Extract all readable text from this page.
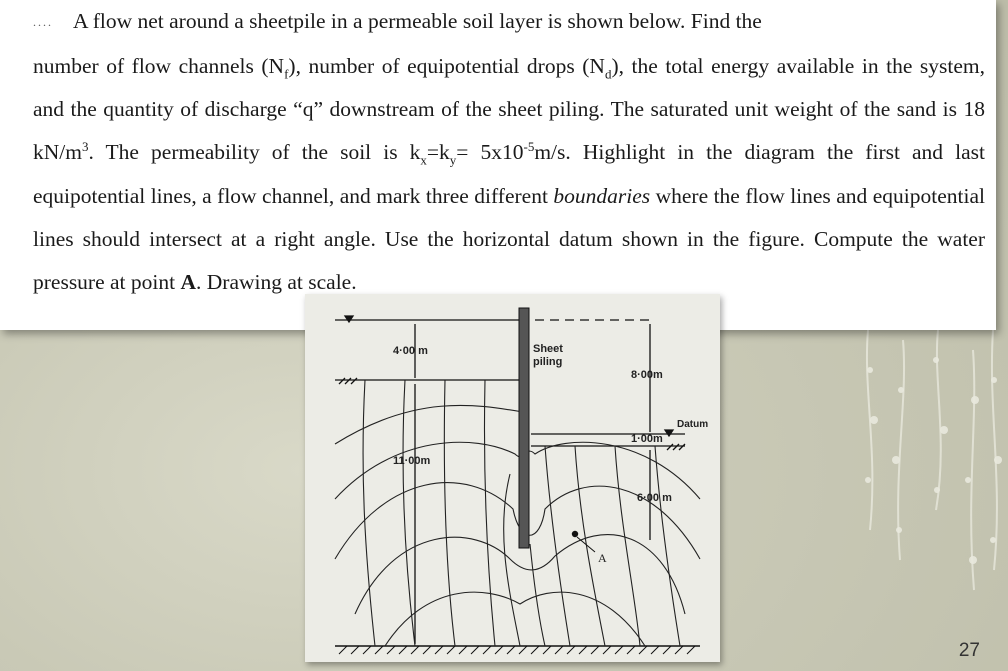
.... A flow net around a sheetpile in a permeable soil layer is shown below. Find the
number of flow channels $(N_f)$, number of equipotential drops $(N_d)$, the total energy available in the system, and the quantity of discharge “q” downstream of the sheet piling. The saturated unit weight of the sand is 18 $kN/m^3$. The permeability of the soil is $k_x=k_y= 5x10^{-5}m/s$. Highlight in the diagram the first and last equipotential lines, a flow channel, and mark three different boundaries where the flow lines and equipotential lines should intersect at a right angle. Use the horizontal datum shown in the figure. Compute the water pressure at point A. Drawing at scale.

4·00 m	Sheet
piling
8·00m
Datum
1·00m
11·00m
6·00 m
A
27
